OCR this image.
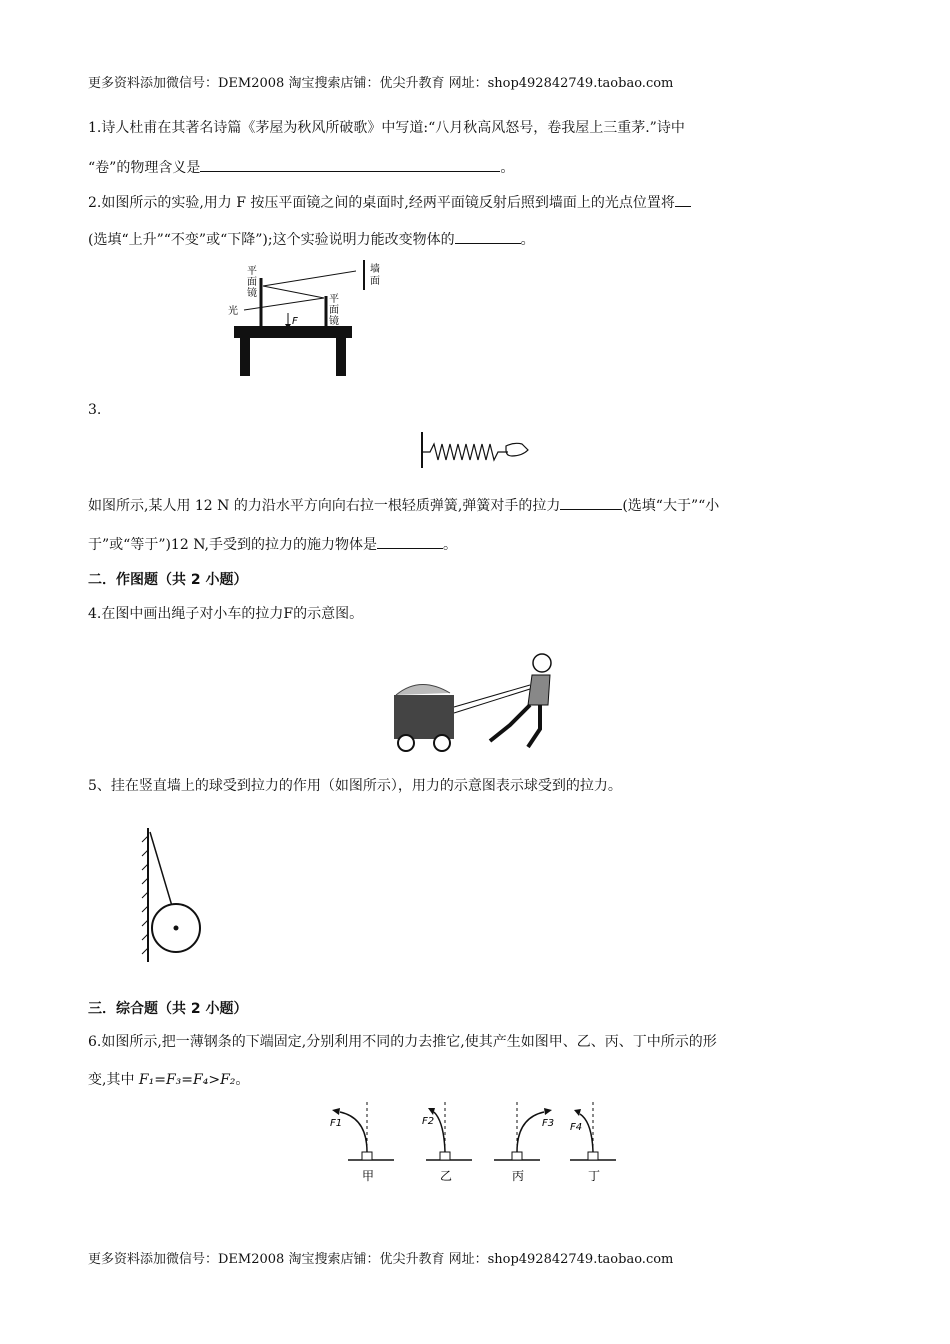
更多资料添加微信号：DEM2008 淘宝搜索店铺：优尖升教育 网址：shop492842749.taobao.com
1.诗人杜甫在其著名诗篇《茅屋为秋风所破歌》中写道:“八月秋高风怒号，卷我屋上三重茅.”诗中
“卷”的物理含义是	。
2.如图所示的实验,用力 F 按压平面镜之间的桌面时,经两平面镜反射后照到墙面上的光点位置将
(选填“上升”“不变”或“下降”);这个实验说明力能改变物体的	。
平
面
镜
平
面
镜
光
F
墙
面
3.
如图所示,某人用 12 N 的力沿水平方向向右拉一根轻质弹簧,弹簧对手的拉力	(选填“大于”“小
于”或“等于”)12 N,手受到的拉力的施力物体是	。
二．作图题（共 2 小题）
4.在图中画出绳子对小车的拉力F的示意图。
5、挂在竖直墙上的球受到拉力的作用（如图所示），用力的示意图表示球受到的拉力。
三．综合题（共 2 小题）
6.如图所示,把一薄钢条的下端固定,分别利用不同的力去推它,使其产生如图甲、乙、丙、丁中所示的形
变,其中 F₁=F₃=F₄>F₂。
F1
甲
F2
乙
F3
丙
F4
丁
更多资料添加微信号：DEM2008 淘宝搜索店铺：优尖升教育 网址：shop492842749.taobao.com
